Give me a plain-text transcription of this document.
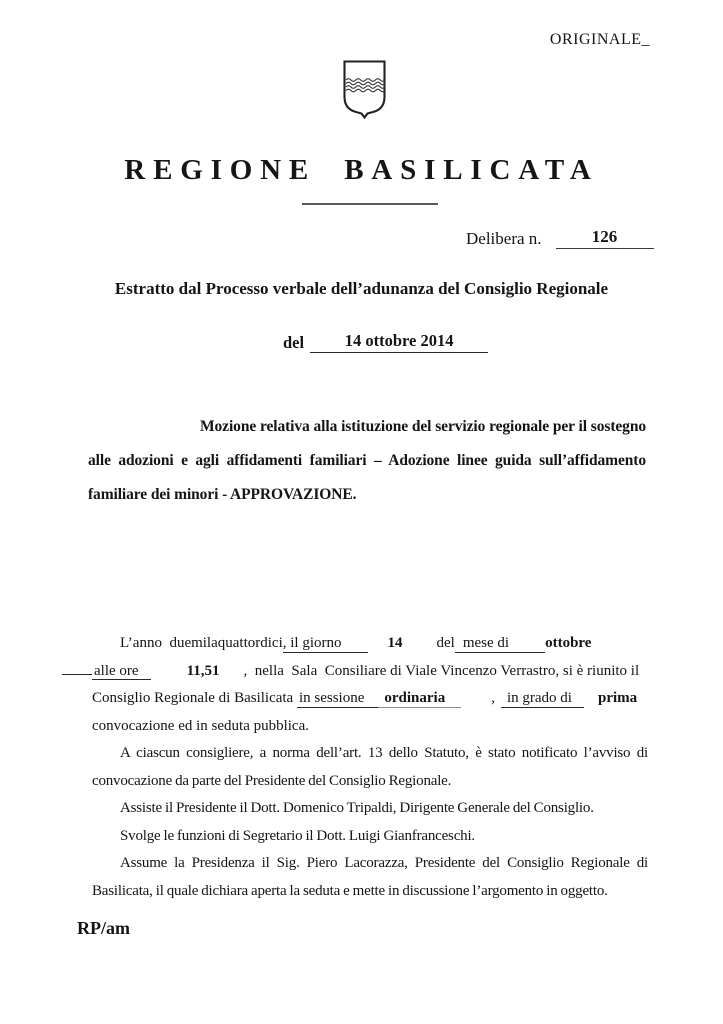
ORIGINALE_
REGIONE BASILICATA
Delibera n.	126
Estratto dal Processo verbale dell’adunanza del Consiglio Regionale
del	14 ottobre 2014
Mozione relativa alla istituzione del servizio regionale per il sostegno alle adozioni e agli affidamenti familiari – Adozione linee guida sull’affidamento familiare dei minori - APPROVAZIONE.
L’anno  duemilaquattordici, il giorno	14 del mese di ottobre
alle ore	11,51 ,  nella  Sala  Consiliare di Viale Vincenzo Verrastro, si è riunito il
Consiglio Regionale di Basilicata in sessione ordinaria	, in grado di prima
convocazione ed in seduta pubblica.
A ciascun consigliere, a norma dell’art. 13 dello Statuto, è stato notificato l’avviso di convocazione da parte del Presidente del Consiglio Regionale.
Assiste il Presidente il Dott. Domenico Tripaldi, Dirigente Generale del Consiglio.
Svolge le funzioni di Segretario il Dott. Luigi Gianfranceschi.
Assume la Presidenza il Sig. Piero Lacorazza, Presidente del Consiglio Regionale di Basilicata, il quale dichiara aperta la seduta e mette in discussione l’argomento in oggetto.
RP/am
